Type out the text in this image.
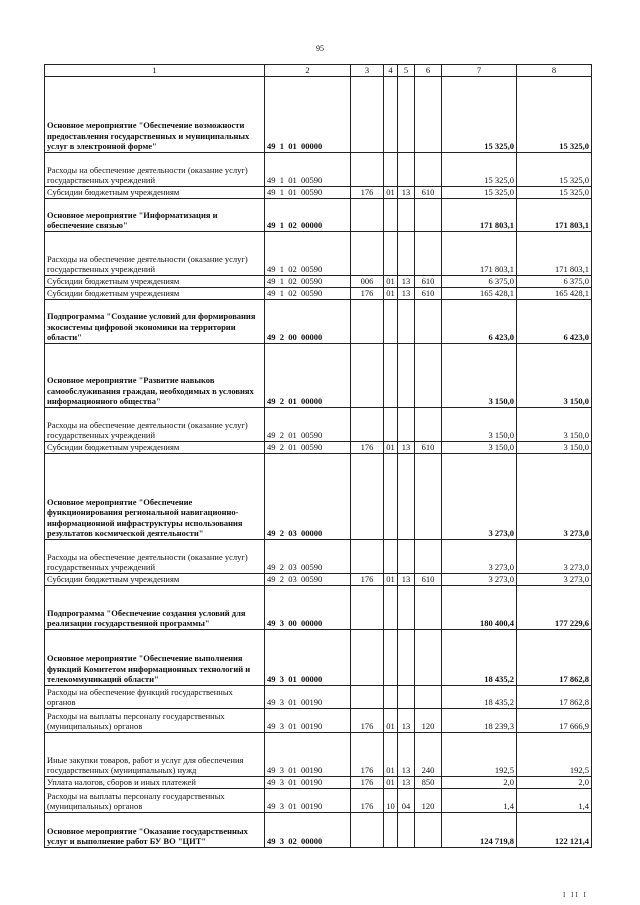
95
1	2	3	4	5	6	7	8
Основное мероприятие "Обеспечение возможности предоставления государственных и муниципальных услуг в электронной форме"	49  1  01  00000					15 325,0	15 325,0
Расходы на обеспечение деятельности (оказание услуг) государственных учреждений	49  1  01  00590					15 325,0	15 325,0
Субсидии бюджетным учреждениям	49  1  01  00590	176	01	13	610	15 325,0	15 325,0
Основное мероприятие "Информатизация и обеспечение связью"	49  1  02  00000					171 803,1	171 803,1
Расходы на обеспечение деятельности (оказание услуг) государственных учреждений	49  1  02  00590					171 803,1	171 803,1
Субсидии бюджетным учреждениям	49  1  02  00590	006	01	13	610	6 375,0	6 375,0
Субсидии бюджетным учреждениям	49  1  02  00590	176	01	13	610	165 428,1	165 428,1
Подпрограмма "Создание условий для формирования экосистемы цифровой экономики на территории области"	49  2  00  00000					6 423,0	6 423,0
Основное мероприятие "Развитие навыков самообслуживания граждан, необходимых в условиях информационного общества"	49  2  01  00000					3 150,0	3 150,0
Расходы на обеспечение деятельности (оказание услуг) государственных учреждений	49  2  01  00590					3 150,0	3 150,0
Субсидии бюджетным учреждениям	49  2  01  00590	176	01	13	610	3 150,0	3 150,0
Основное мероприятие "Обеспечение функционирования региональной навигационно-информационной инфраструктуры использования результатов космической деятельности"	49  2  03  00000					3 273,0	3 273,0
Расходы на обеспечение деятельности (оказание услуг) государственных учреждений	49  2  03  00590					3 273,0	3 273,0
Субсидии бюджетным учреждениям	49  2  03  00590	176	01	13	610	3 273,0	3 273,0
Подпрограмма "Обеспечение создания условий для реализации государственной программы"	49  3  00  00000					180 400,4	177 229,6
Основное мероприятие "Обеспечение выполнения функций Комитетом информационных технологий и телекоммуникаций области"	49  3  01  00000					18 435,2	17 862,8
Расходы на обеспечение функций государственных органов	49  3  01  00190					18 435,2	17 862,8
Расходы на выплаты персоналу государственных (муниципальных) органов	49  3  01  00190	176	01	13	120	18 239,3	17 666,9
Иные закупки товаров, работ и услуг для обеспечения государственных (муниципальных) нужд	49  3  01  00190	176	01	13	240	192,5	192,5
Уплата налогов, сборов и иных платежей	49  3  01  00190	176	01	13	850	2,0	2,0
Расходы на выплаты персоналу государственных (муниципальных) органов	49  3  01  00190	176	10	04	120	1,4	1,4
Основное мероприятие "Оказание государственных услуг и выполнение работ БУ ВО "ЦИТ"	49  3  02  00000					124 719,8	122 121,4
I II I
